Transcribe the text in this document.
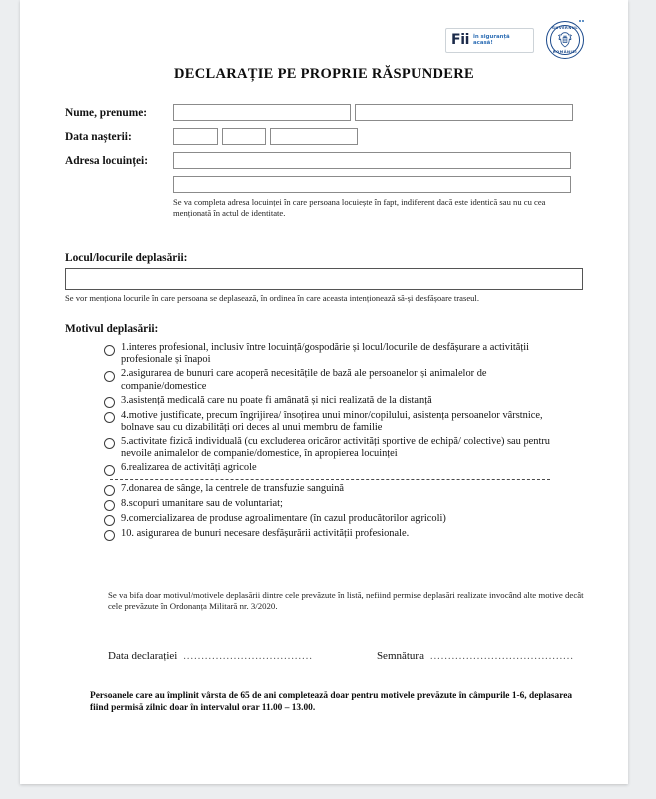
Fii în siguranță acasă!
GUVERNUL
ROMÂNIEI
DECLARAȚIE PE PROPRIE RĂSPUNDERE
Nume, prenume:
Data nașterii:
Adresa locuinței:
Se va completa adresa locuinței în care persoana locuiește în fapt, indiferent dacă este identică sau nu cu cea menționată în actul de identitate.
Locul/locurile deplasării:
Se vor menționa locurile în care persoana se deplasează, în ordinea în care aceasta intenționează să-și desfășoare traseul.
Motivul deplasării:
1.interes profesional, inclusiv între locuință/gospodărie și locul/locurile de desfășurare a activității profesionale și înapoi
2.asigurarea de bunuri care acoperă necesitățile de bază ale persoanelor și animalelor de companie/domestice
3.asistență medicală care nu poate fi amânată și nici realizată de la distanță
4.motive justificate, precum îngrijirea/ însoțirea unui minor/copilului, asistența persoanelor vârstnice, bolnave sau cu dizabilități ori deces al unui membru de familie
5.activitate fizică individuală (cu excluderea oricăror activități sportive de echipă/ colective) sau pentru nevoile animalelor de companie/domestice, în apropierea locuinței
6.realizarea de activități agricole
7.donarea de sânge, la centrele de transfuzie sanguină
8.scopuri umanitare sau de voluntariat;
9.comercializarea de produse agroalimentare (în cazul producătorilor agricoli)
10. asigurarea de bunuri necesare desfășurării activității profesionale.
Se va bifa doar motivul/motivele deplasării dintre cele prevăzute în listă, nefiind permise deplasări realizate invocând alte motive decât cele prevăzute în Ordonanța Militară nr. 3/2020.
Data declarației ....................................	Semnătura ........................................
Persoanele care au împlinit vârsta de 65 de ani completează doar pentru motivele prevăzute în câmpurile 1-6, deplasarea fiind permisă zilnic doar în intervalul orar 11.00 – 13.00.
